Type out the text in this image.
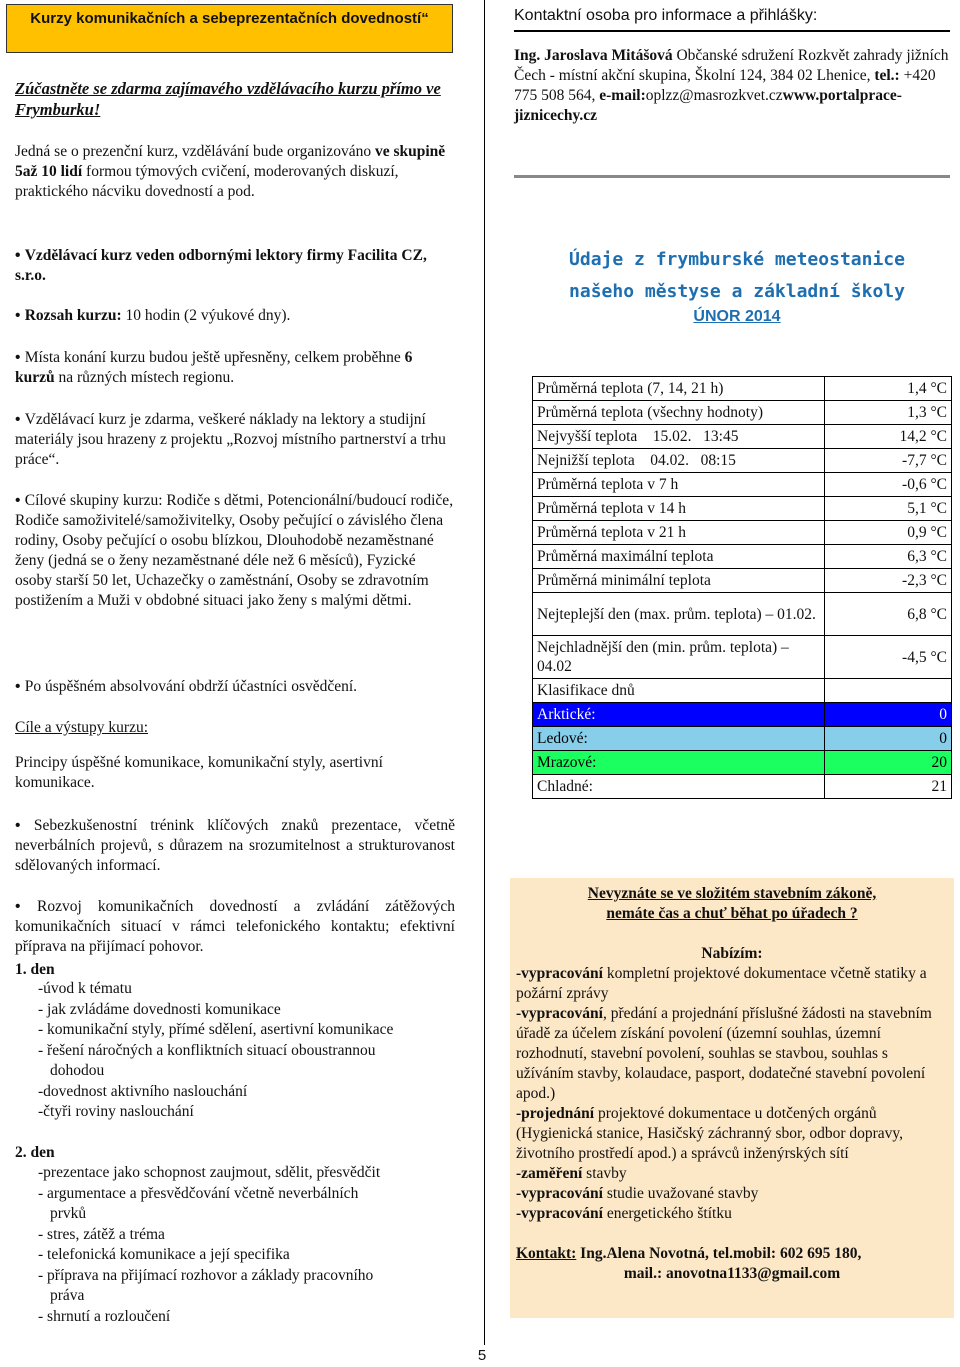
Kurzy komunikačních a sebeprezentačních dovedností“
Zúčastněte se zdarma zajímavého vzdělávacího kurzu přímo ve Frymburku!
Jedná se o prezenční kurz, vzdělávání bude organizováno ve skupině 5až 10 lidí formou týmových cvičení, moderovaných diskuzí, praktického nácviku dovedností a pod.
• Vzdělávací kurz veden odbornými lektory firmy Facilita CZ, s.r.o.
• Rozsah kurzu: 10 hodin (2 výukové dny).
• Místa konání kurzu budou ještě upřesněny, celkem proběhne 6 kurzů na různých místech regionu.
• Vzdělávací kurz je zdarma, veškeré náklady na lektory a studijní materiály jsou hrazeny z projektu „Rozvoj místního partnerství a trhu práce“.
• Cílové skupiny kurzu: Rodiče s dětmi, Potencionální/budoucí rodiče, Rodiče samoživitelé/samoživitelky, Osoby pečující o závislého člena rodiny, Osoby pečující o osobu blízkou, Dlouhodobě nezaměstnané ženy (jedná se o ženy nezaměstnané déle než 6 měsíců), Fyzické osoby starší 50 let, Uchazečky o zaměstnání, Osoby se zdravotním postižením a Muži v obdobné situaci jako ženy s malými dětmi.
• Po úspěšném absolvování obdrží účastníci osvědčení.
Cíle a výstupy kurzu:
Principy úspěšné komunikace, komunikační styly, asertivní komunikace.
• Sebezkušenostní trénink klíčových znaků prezentace, včetně neverbálních projevů, s důrazem na srozumitelnost a strukturovanost sdělovaných informací.
• Rozvoj komunikačních dovedností a zvládání zátěžových komunikačních situací v rámci telefonického kontaktu; efektivní příprava na přijímací pohovor.
1. den
-úvod k tématu
- jak zvládáme dovednosti komunikace
- komunikační styly, přímé sdělení, asertivní komunikace
- řešení náročných a konfliktních situací oboustrannou
dohodou
-dovednost aktivního naslouchání
-čtyři roviny naslouchání
2. den
-prezentace jako schopnost zaujmout, sdělit, přesvědčit
- argumentace a přesvědčování včetně neverbálních
prvků
- stres, zátěž a tréma
- telefonická komunikace a její specifika
- příprava na přijímací rozhovor a základy pracovního
práva
- shrnutí a rozloučení
Kontaktní osoba pro informace a přihlášky:
Ing. Jaroslava Mitášová Občanské sdružení Rozkvět zahrady jižních Čech - místní akční skupina, Školní 124, 384 02 Lhenice, tel.: +420 775 508 564, e-mail:oplzz@masrozkvet.czwww.portalprace-jiznicechy.cz
Údaje z frymburské meteostanice
našeho městyse a základní školy
ÚNOR 2014
Průměrná teplota (7, 14, 21 h)	1,4 °C
Průměrná teplota (všechny hodnoty)	1,3 °C
Nejvyšší teplota    15.02.   13:45	14,2 °C
Nejnižší teplota    04.02.   08:15	-7,7 °C
Průměrná teplota v 7 h	-0,6 °C
Průměrná teplota v 14 h	5,1 °C
Průměrná teplota v 21 h	0,9 °C
Průměrná maximální teplota	6,3 °C
Průměrná minimální teplota	-2,3 °C
Nejteplejší den (max. prům. teplota) – 01.02.	6,8 °C
Nejchladnější den (min. prům. teplota) – 04.02	-4,5 °C
Klasifikace dnů	
Arktické:	0
Ledové:	0
Mrazové:	20
Chladné:	21
Nevyznáte se ve složitém stavebním zákoně,
nemáte čas a chuť běhat po úřadech ?
Nabízím:
-vypracování kompletní projektové dokumentace včetně statiky a požární zprávy
-vypracování, předání a projednání příslušné žádosti na stavebním úřadě za účelem získání povolení (územní souhlas, územní rozhodnutí, stavební povolení, souhlas se stavbou, souhlas s užíváním stavby, kolaudace, pasport, dodatečné stavební povolení apod.)
-projednání projektové dokumentace u dotčených orgánů (Hygienická stanice, Hasičský záchranný sbor, odbor dopravy, životního prostředí apod.) a správců inženýrských sítí
-zaměření stavby
-vypracování studie uvažované stavby
-vypracování energetického štítku
Kontakt: Ing.Alena Novotná, tel.mobil: 602 695 180,
mail.: anovotna1133@gmail.com
5
